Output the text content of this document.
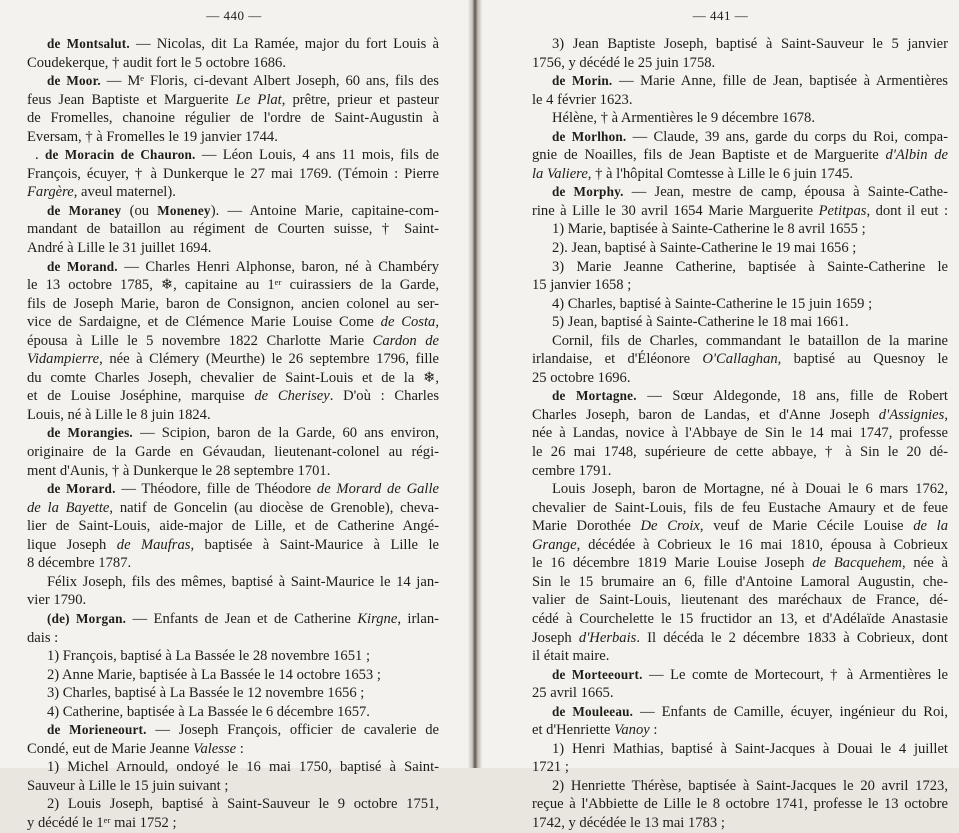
— 440 —
de Montsalut. — Nicolas, dit La Ramée, major du fort Louis à
Coudekerque, † audit fort le 5 octobre 1686.
de Moor. — Mᵉ Floris, ci-devant Albert Joseph, 60 ans, fils des
feus Jean Baptiste et Marguerite Le Plat, prêtre, prieur et pasteur
de Fromelles, chanoine régulier de l'ordre de Saint-Augustin à
Eversam, † à Fromelles le 19 janvier 1744.
. de Moracin de Chauron. — Léon Louis, 4 ans 11 mois, fils de
François, écuyer, † à Dunkerque le 27 mai 1769. (Témoin : Pierre
Fargère, aveul maternel).
de Moraney (ou Moneney). — Antoine Marie, capitaine-com-
mandant de bataillon au régiment de Courten suisse, † Saint-
André à Lille le 31 juillet 1694.
de Morand. — Charles Henri Alphonse, baron, né à Chambéry
le 13 octobre 1785, ❄, capitaine au 1ᵉʳ cuirassiers de la Garde,
fils de Joseph Marie, baron de Consignon, ancien colonel au ser-
vice de Sardaigne, et de Clémence Marie Louise Come de Costa,
épousa à Lille le 5 novembre 1822 Charlotte Marie Cardon de
Vidampierre, née à Clémery (Meurthe) le 26 septembre 1796, fille
du comte Charles Joseph, chevalier de Saint-Louis et de la ❄,
et de Louise Joséphine, marquise de Cherisey. D'où : Charles
Louis, né à Lille le 8 juin 1824.
de Morangies. — Scipion, baron de la Garde, 60 ans environ,
originaire de la Garde en Gévaudan, lieutenant-colonel au régi-
ment d'Aunis, † à Dunkerque le 28 septembre 1701.
de Morard. — Théodore, fille de Théodore de Morard de Galle
de la Bayette, natif de Goncelin (au diocèse de Grenoble), cheva-
lier de Saint-Louis, aide-major de Lille, et de Catherine Angé-
lique Joseph de Maufras, baptisée à Saint-Maurice à Lille le
8 décembre 1787.
Félix Joseph, fils des mêmes, baptisé à Saint-Maurice le 14 jan-
vier 1790.
(de) Morgan. — Enfants de Jean et de Catherine Kirgne, irlan-
dais :
1) François, baptisé à La Bassée le 28 novembre 1651 ;
2) Anne Marie, baptisée à La Bassée le 14 octobre 1653 ;
3) Charles, baptisé à La Bassée le 12 novembre 1656 ;
4) Catherine, baptisée à La Bassée le 6 décembre 1657.
de Morieneourt. — Joseph François, officier de cavalerie de
Condé, eut de Marie Jeanne Valesse :
1) Michel Arnould, ondoyé le 16 mai 1750, baptisé à Saint-
Sauveur à Lille le 15 juin suivant ;
2) Louis Joseph, baptisé à Saint-Sauveur le 9 octobre 1751,
y décédé le 1ᵉʳ mai 1752 ;
— 441 —
3) Jean Baptiste Joseph, baptisé à Saint-Sauveur le 5 janvier
1756, y décédé le 25 juin 1758.
de Morin. — Marie Anne, fille de Jean, baptisée à Armentières
le 4 février 1623.
Hélène, † à Armentières le 9 décembre 1678.
de Morlhon. — Claude, 39 ans, garde du corps du Roi, compa-
gnie de Noailles, fils de Jean Baptiste et de Marguerite d'Albin de
la Valiere, † à l'hôpital Comtesse à Lille le 6 juin 1745.
de Morphy. — Jean, mestre de camp, épousa à Sainte-Cathe-
rine à Lille le 30 avril 1654 Marie Marguerite Petitpas, dont il eut :
1) Marie, baptisée à Sainte-Catherine le 8 avril 1655 ;
2). Jean, baptisé à Sainte-Catherine le 19 mai 1656 ;
3) Marie Jeanne Catherine, baptisée à Sainte-Catherine le
15 janvier 1658 ;
4) Charles, baptisé à Sainte-Catherine le 15 juin 1659 ;
5) Jean, baptisé à Sainte-Catherine le 18 mai 1661.
Cornil, fils de Charles, commandant le bataillon de la marine
irlandaise, et d'Éléonore O'Callaghan, baptisé au Quesnoy le
25 octobre 1696.
de Mortagne. — Sœur Aldegonde, 18 ans, fille de Robert
Charles Joseph, baron de Landas, et d'Anne Joseph d'Assignies,
née à Landas, novice à l'Abbaye de Sin le 14 mai 1747, professe
le 26 mai 1748, supérieure de cette abbaye, † à Sin le 20 dé-
cembre 1791.
Louis Joseph, baron de Mortagne, né à Douai le 6 mars 1762,
chevalier de Saint-Louis, fils de feu Eustache Amaury et de feue
Marie Dorothée De Croix, veuf de Marie Cécile Louise de la
Grange, décédée à Cobrieux le 16 mai 1810, épousa à Cobrieux
le 16 décembre 1819 Marie Louise Joseph de Bacquehem, née à
Sin le 15 brumaire an 6, fille d'Antoine Lamoral Augustin, che-
valier de Saint-Louis, lieutenant des maréchaux de France, dé-
cédé à Courchelette le 15 fructidor an 13, et d'Adélaïde Anastasie
Joseph d'Herbais. Il décéda le 2 décembre 1833 à Cobrieux, dont
il était maire.
de Morteeourt. — Le comte de Mortecourt, † à Armentières le
25 avril 1665.
de Mouleeau. — Enfants de Camille, écuyer, ingénieur du Roi,
et d'Henriette Vanoy :
1) Henri Mathias, baptisé à Saint-Jacques à Douai le 4 juillet
1721 ;
2) Henriette Thérèse, baptisée à Saint-Jacques le 20 avril 1723,
reçue à l'Abbiette de Lille le 8 octobre 1741, professe le 13 octobre
1742, y décédée le 13 mai 1783 ;
